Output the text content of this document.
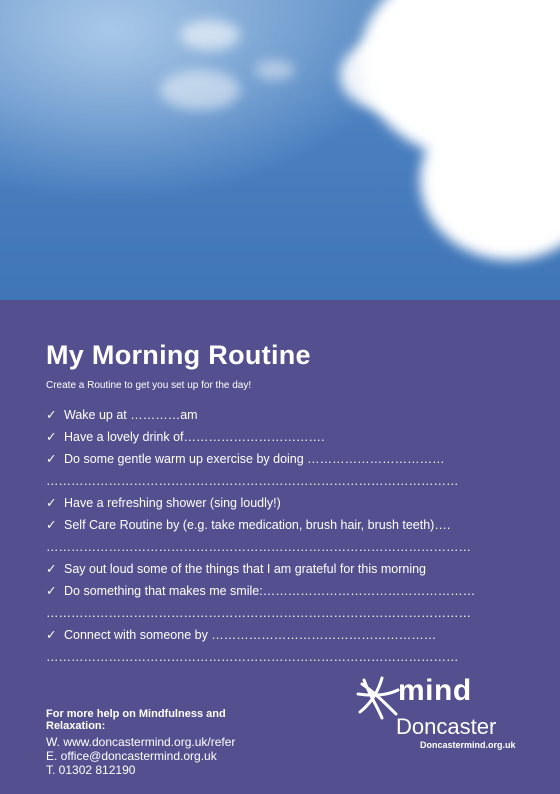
My Morning Routine
Create a Routine to get you set up for the day!
✓ Wake up at …………am
✓ Have a lovely drink of…………………………….
✓ Do some gentle warm up exercise by doing ……………………………
………………………………………………………………………………………
✓ Have a refreshing shower (sing loudly!)
✓ Self Care Routine by (e.g. take medication, brush hair, brush teeth)….
…………………………………………………………………………………………
✓ Say out loud some of the things that I am grateful for this morning
✓ Do something that makes me smile:……………………………………………
…………………………………………………………………………………………
✓ Connect with someone by ………………………………………………
………………………………………………………………………………………
For more help on Mindfulness and Relaxation:
W. www.doncastermind.org.uk/refer
E. office@doncastermind.org.uk
T. 01302 812190
mind
Doncaster
Doncastermind.org.uk
